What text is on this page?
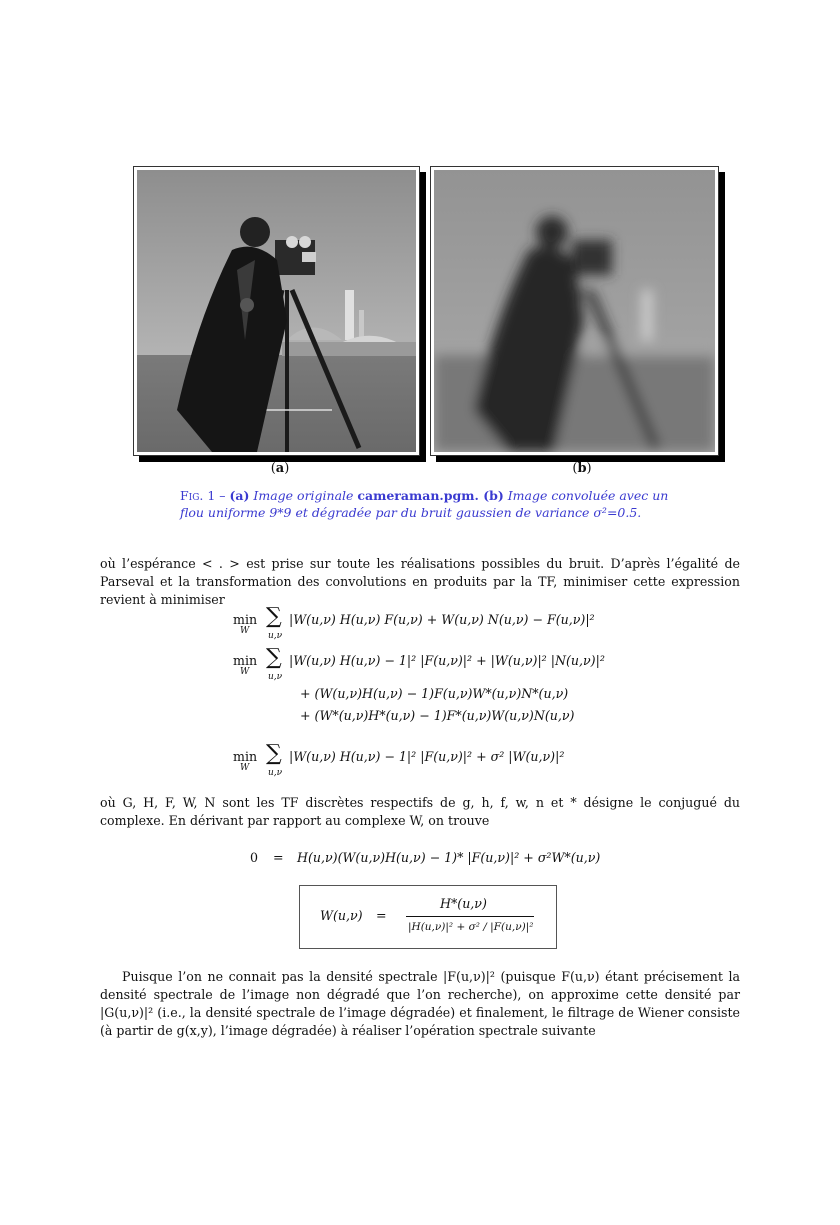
(a)	(b)
Fig. 1 – (a) Image originale cameraman.pgm. (b) Image convoluée avec un flou uniforme 9*9 et dégradée par du bruit gaussien de variance σ²=0.5.
où l’espérance < . > est prise sur toute les réalisations possibles du bruit. D’après l’égalité de Parseval et la transformation des convolutions en produits par la TF, minimiser cette expression revient à minimiser
min
W
∑
u,ν
|W(u,ν) H(u,ν) F(u,ν) + W(u,ν) N(u,ν) − F(u,ν)|²
min
W
∑
u,ν
|W(u,ν) H(u,ν) − 1|² |F(u,ν)|² + |W(u,ν)|² |N(u,ν)|²
+ (W(u,ν)H(u,ν) − 1)F(u,ν)W*(u,ν)N*(u,ν)
+ (W*(u,ν)H*(u,ν) − 1)F*(u,ν)W(u,ν)N(u,ν)
min
W
∑
u,ν
|W(u,ν) H(u,ν) − 1|² |F(u,ν)|² + σ² |W(u,ν)|²
où G, H, F, W, N sont les TF discrètes respectifs de g, h, f, w, n et * désigne le conjugué du complexe. En dérivant par rapport au complexe W, on trouve
0 = H(u,ν)(W(u,ν)H(u,ν) − 1)* |F(u,ν)|² + σ²W*(u,ν)
W(u,ν) =
H*(u,ν)
|H(u,ν)|² + σ² / |F(u,ν)|²
Puisque l’on ne connait pas la densité spectrale |F(u,ν)|² (puisque F(u,ν) étant précisement la densité spectrale de l’image non dégradé que l’on recherche), on approxime cette densité par |G(u,ν)|² (i.e., la densité spectrale de l’image dégradée) et finalement, le filtrage de Wiener consiste (à partir de g(x,y), l’image dégradée) à réaliser l’opération spectrale suivante
